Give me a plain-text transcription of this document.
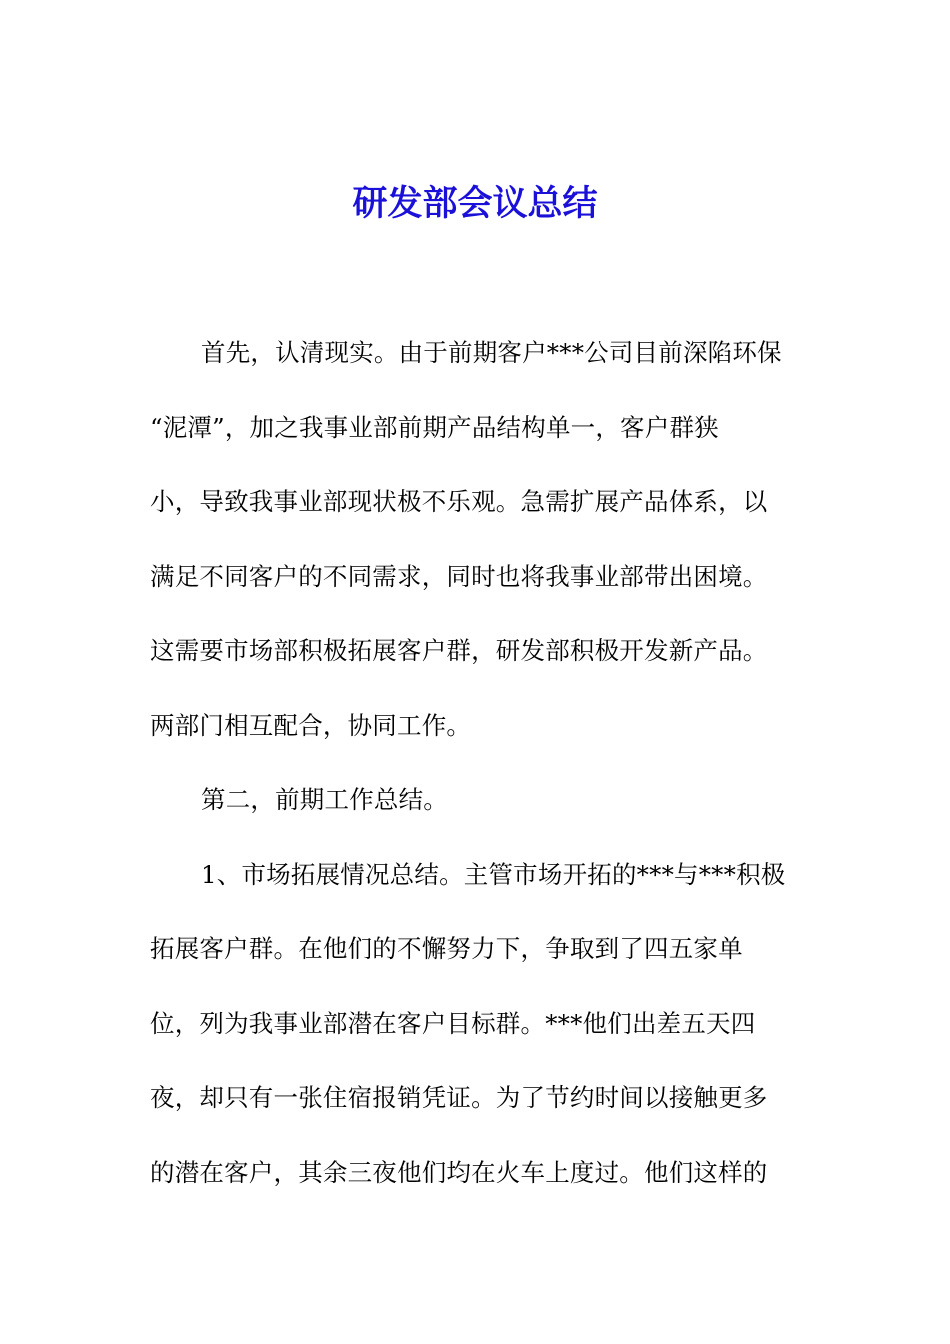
研发部会议总结
首先，认清现实。由于前期客户***公司目前深陷环保
“泥潭”，加之我事业部前期产品结构单一，客户群狭
小，导致我事业部现状极不乐观。急需扩展产品体系，以
满足不同客户的不同需求，同时也将我事业部带出困境。
这需要市场部积极拓展客户群，研发部积极开发新产品。
两部门相互配合，协同工作。
第二，前期工作总结。
1、市场拓展情况总结。主管市场开拓的***与***积极
拓展客户群。在他们的不懈努力下，争取到了四五家单
位，列为我事业部潜在客户目标群。***他们出差五天四
夜，却只有一张住宿报销凭证。为了节约时间以接触更多
的潜在客户，其余三夜他们均在火车上度过。他们这样的
